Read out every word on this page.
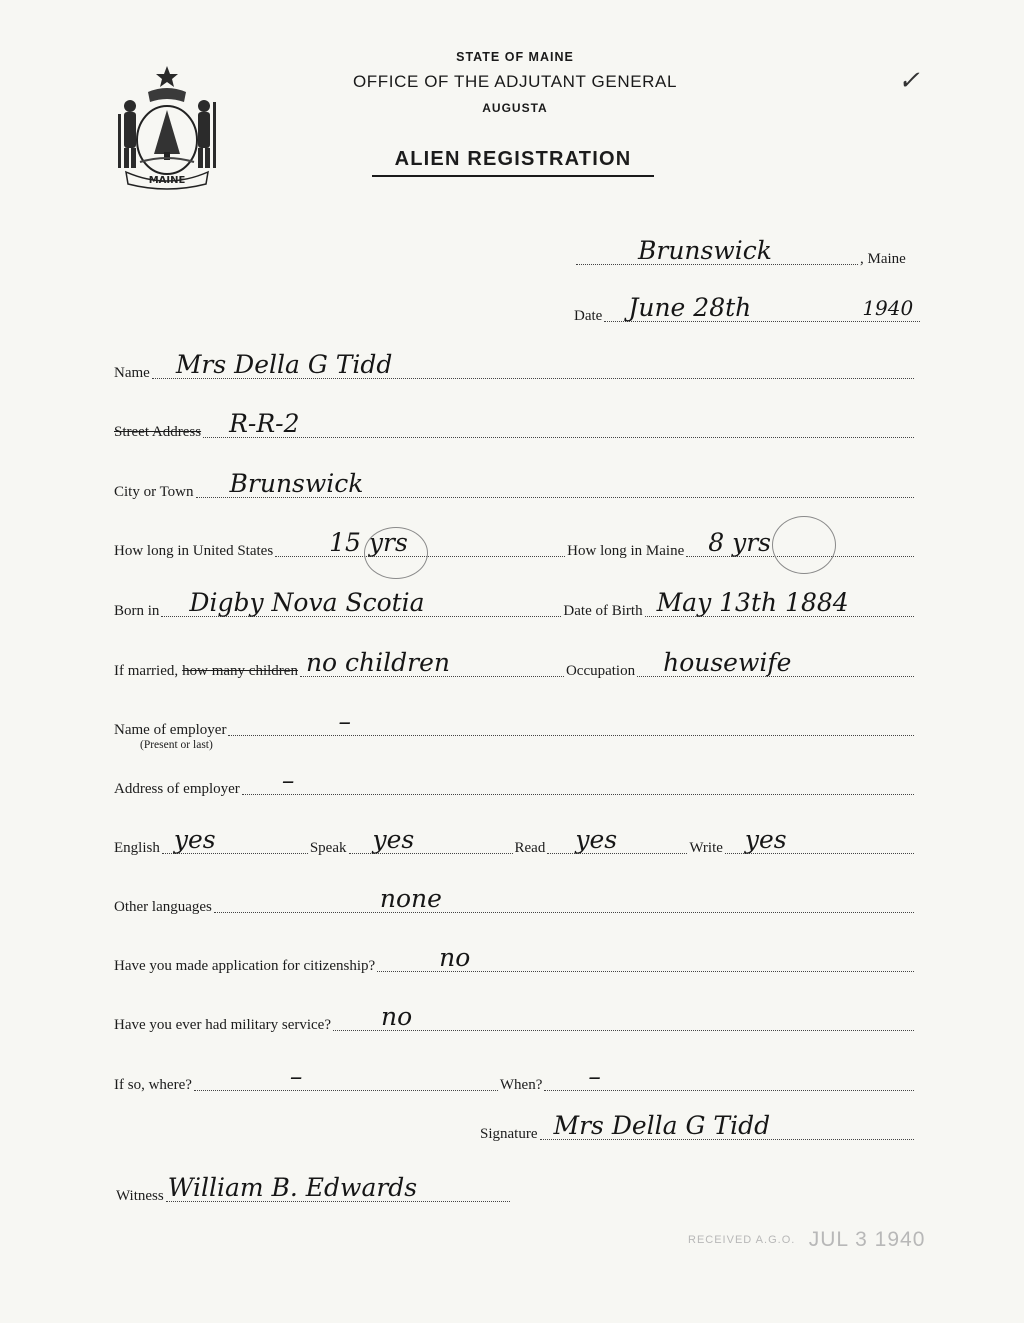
MAINE
STATE OF MAINE
OFFICE OF THE ADJUTANT GENERAL
AUGUSTA
ALIEN REGISTRATION
✓
Brunswick	, Maine
Date June 28th	1940
Name Mrs Della G Tidd
Street Address R-R-2
City or Town Brunswick
How long in United States 15 yrs	How long in Maine 8 yrs
Born in Digby Nova Scotia	Date of Birth May 13th 1884
If married, how many children no children	Occupation housewife
Name of employer	–
(Present or last)
Address of employer –
English yes	Speak yes	Read yes	Write yes
Other languages	none
Have you made application for citizenship?	no
Have you ever had military service? no
If so, where?	–	When? –
Signature Mrs Della G Tidd
Witness William B. Edwards
RECEIVED A.G.O. JUL 3 1940
